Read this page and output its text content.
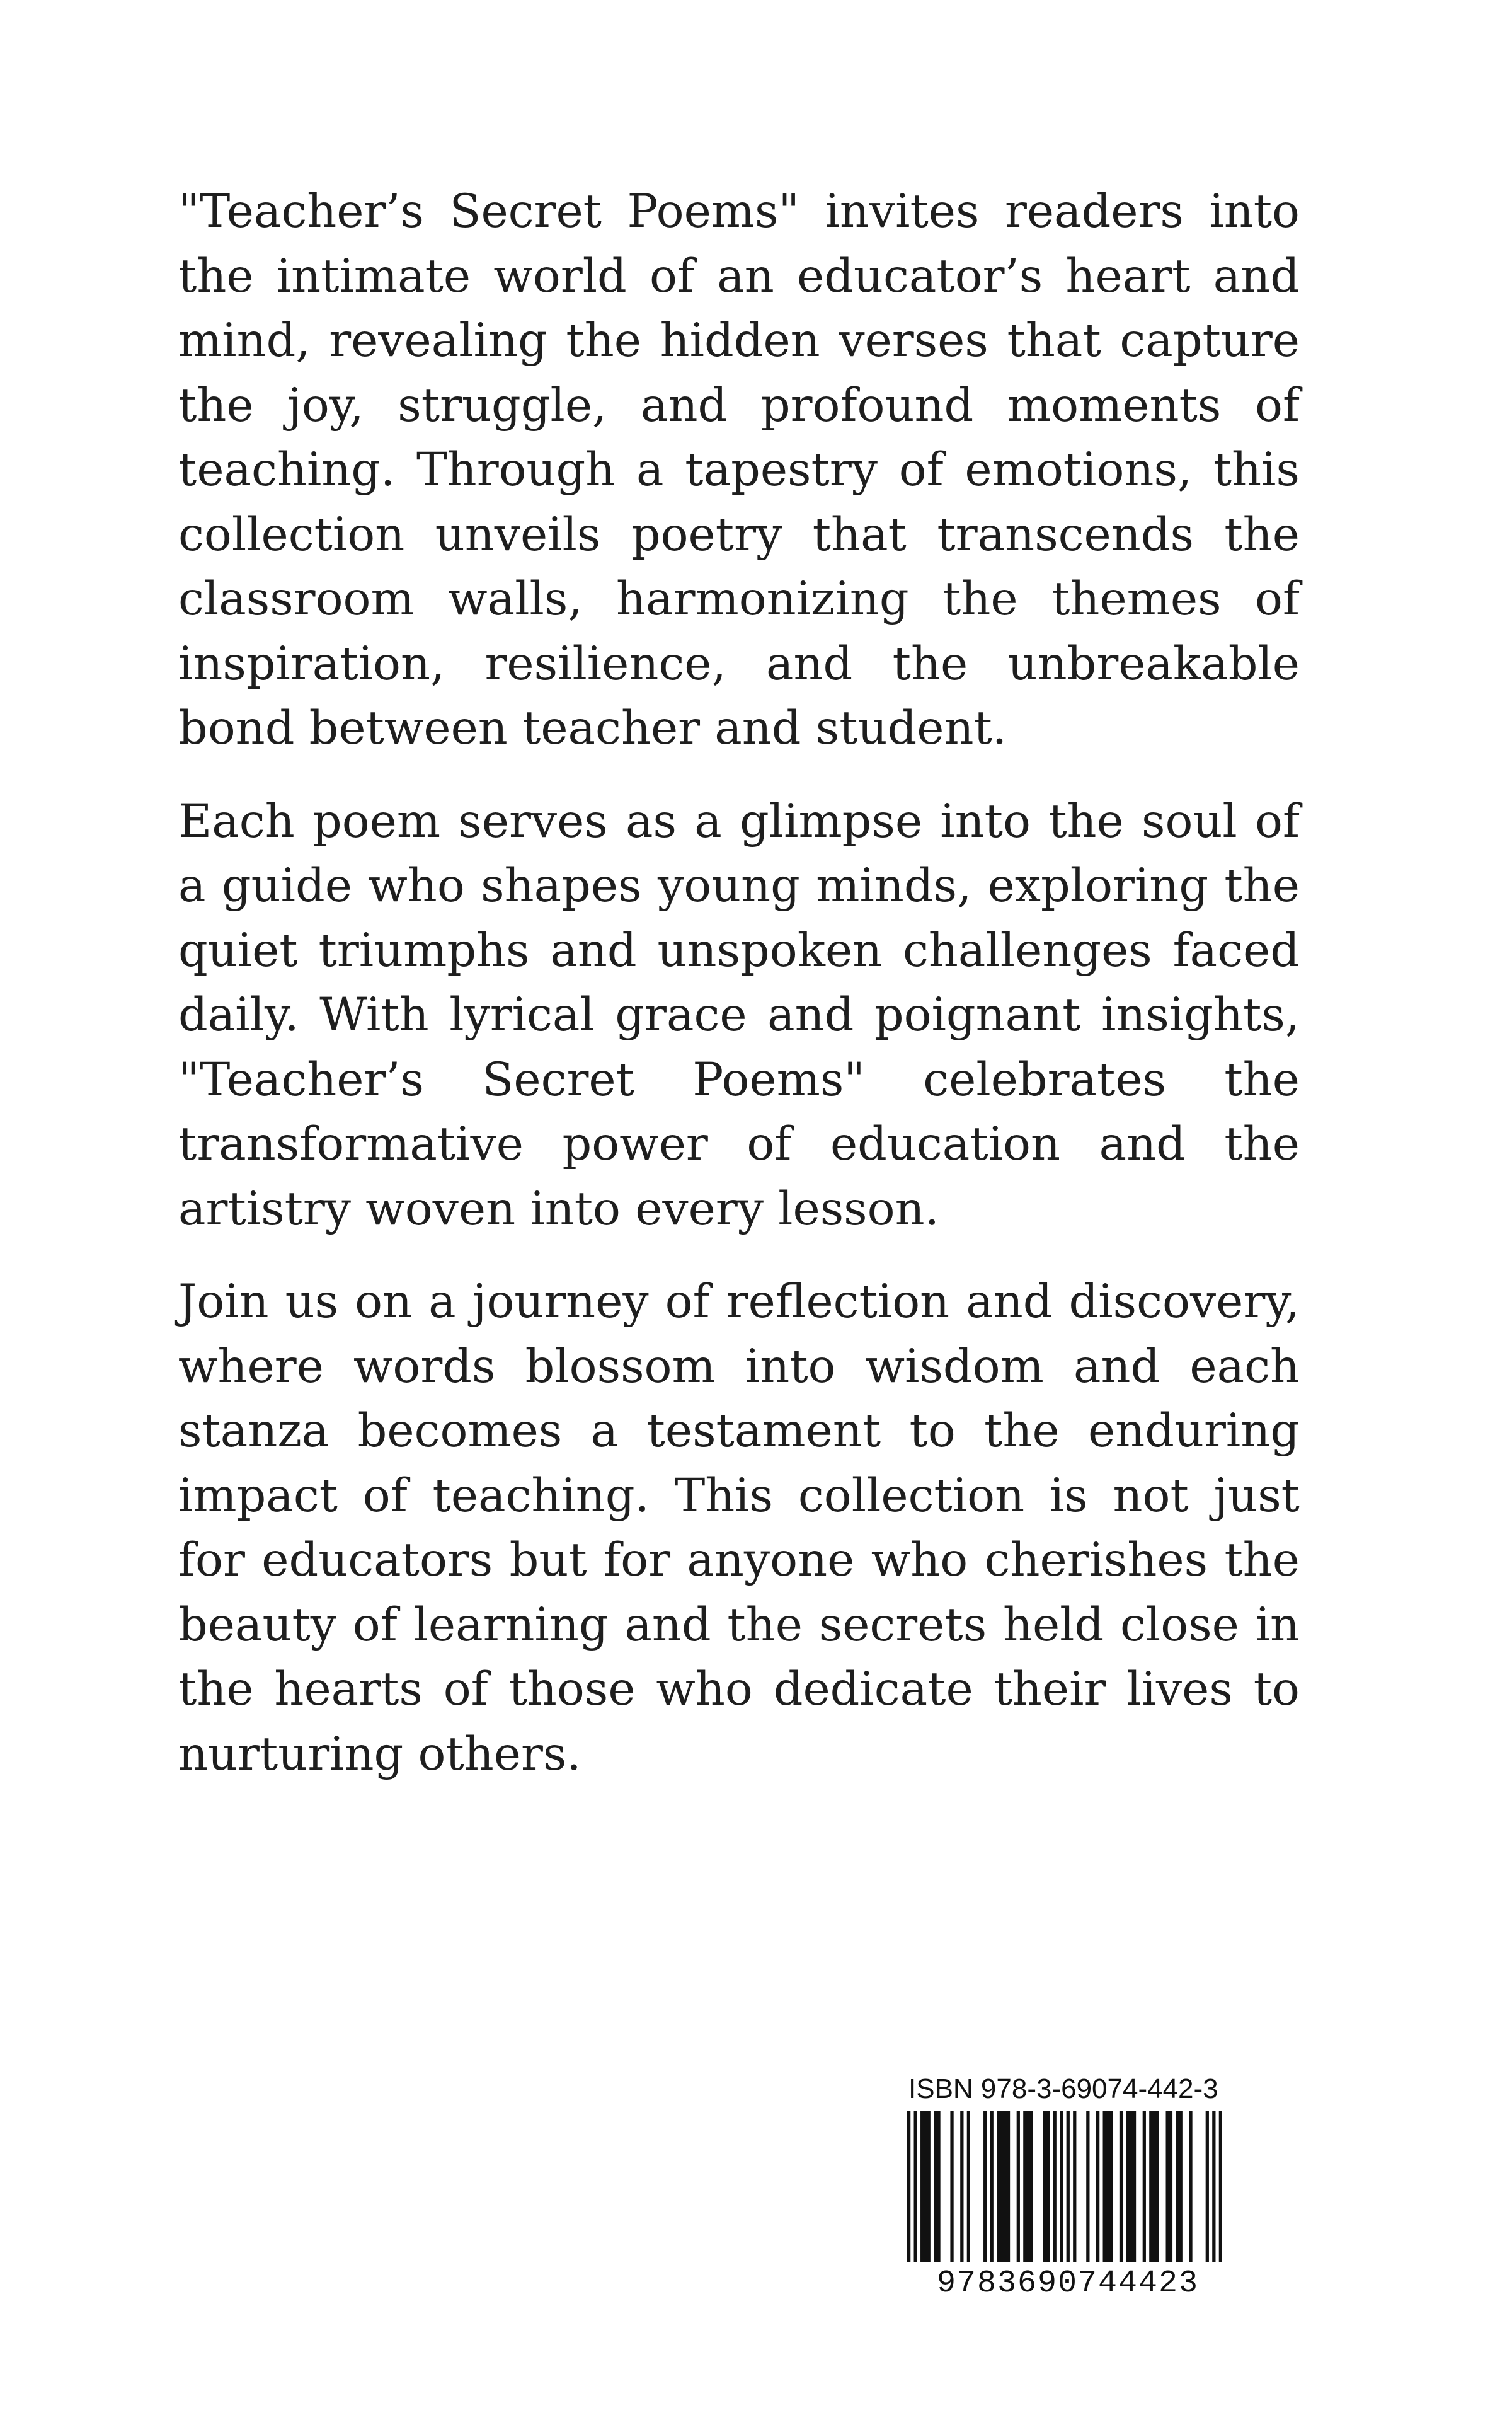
"Teacher’s Secret Poems" invites readers into the intimate world of an educator’s heart and mind, revealing the hidden verses that capture the joy, struggle, and profound moments of teaching. Through a tapestry of emotions, this collection unveils poetry that transcends the classroom walls, harmonizing the themes of inspiration, resilience, and the unbreakable bond between teacher and student.

Each poem serves as a glimpse into the soul of a guide who shapes young minds, exploring the quiet triumphs and unspoken challenges faced daily. With lyrical grace and poignant insights, "Teacher’s Secret Poems" celebrates the transformative power of education and the artistry woven into every lesson.

Join us on a journey of reflection and discovery, where words blossom into wisdom and each stanza becomes a testament to the enduring impact of teaching. This collection is not just for educators but for anyone who cherishes the beauty of learning and the secrets held close in the hearts of those who dedicate their lives to nurturing others.

ISBN 978-3-69074-442-3
9783690744423
